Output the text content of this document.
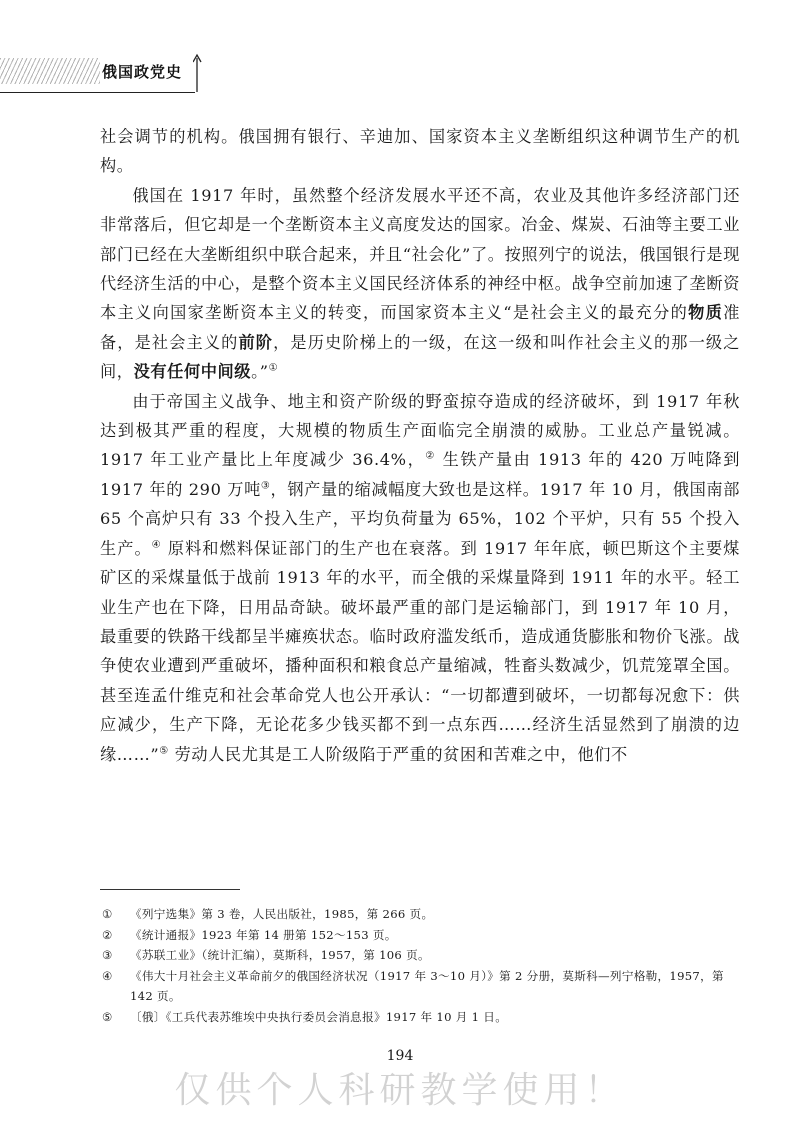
俄国政党史

社会调节的机构。俄国拥有银行、辛迪加、国家资本主义垄断组织这种调节生产的机构。

俄国在 1917 年时，虽然整个经济发展水平还不高，农业及其他许多经济部门还非常落后，但它却是一个垄断资本主义高度发达的国家。冶金、煤炭、石油等主要工业部门已经在大垄断组织中联合起来，并且“社会化”了。按照列宁的说法，俄国银行是现代经济生活的中心，是整个资本主义国民经济体系的神经中枢。战争空前加速了垄断资本主义向国家垄断资本主义的转变，而国家资本主义“是社会主义的最充分的物质准备，是社会主义的前阶，是历史阶梯上的一级，在这一级和叫作社会主义的那一级之间，没有任何中间级。”①

由于帝国主义战争、地主和资产阶级的野蛮掠夺造成的经济破坏，到 1917 年秋达到极其严重的程度，大规模的物质生产面临完全崩溃的威胁。工业总产量锐减。1917 年工业产量比上年度减少 36.4%，② 生铁产量由 1913 年的 420 万吨降到 1917 年的 290 万吨③，钢产量的缩减幅度大致也是这样。1917 年 10 月，俄国南部 65 个高炉只有 33 个投入生产，平均负荷量为 65%，102 个平炉，只有 55 个投入生产。④ 原料和燃料保证部门的生产也在衰落。到 1917 年年底，顿巴斯这个主要煤矿区的采煤量低于战前 1913 年的水平，而全俄的采煤量降到 1911 年的水平。轻工业生产也在下降，日用品奇缺。破坏最严重的部门是运输部门，到 1917 年 10 月，最重要的铁路干线都呈半瘫痪状态。临时政府滥发纸币，造成通货膨胀和物价飞涨。战争使农业遭到严重破坏，播种面积和粮食总产量缩减，牲畜头数减少，饥荒笼罩全国。甚至连孟什维克和社会革命党人也公开承认：“一切都遭到破坏，一切都每况愈下：供应减少，生产下降，无论花多少钱买都不到一点东西……经济生活显然到了崩溃的边缘……”⑤ 劳动人民尤其是工人阶级陷于严重的贫困和苦难之中，他们不

① 《列宁选集》第 3 卷，人民出版社，1985，第 266 页。
② 《统计通报》1923 年第 14 册第 152～153 页。
③ 《苏联工业》（统计汇编），莫斯科，1957，第 106 页。
④ 《伟大十月社会主义革命前夕的俄国经济状况（1917 年 3～10 月）》第 2 分册，莫斯科—列宁格勒，1957，第 142 页。
⑤ 〔俄〕《工兵代表苏维埃中央执行委员会消息报》1917 年 10 月 1 日。
194
仅供个人科研教学使用！
